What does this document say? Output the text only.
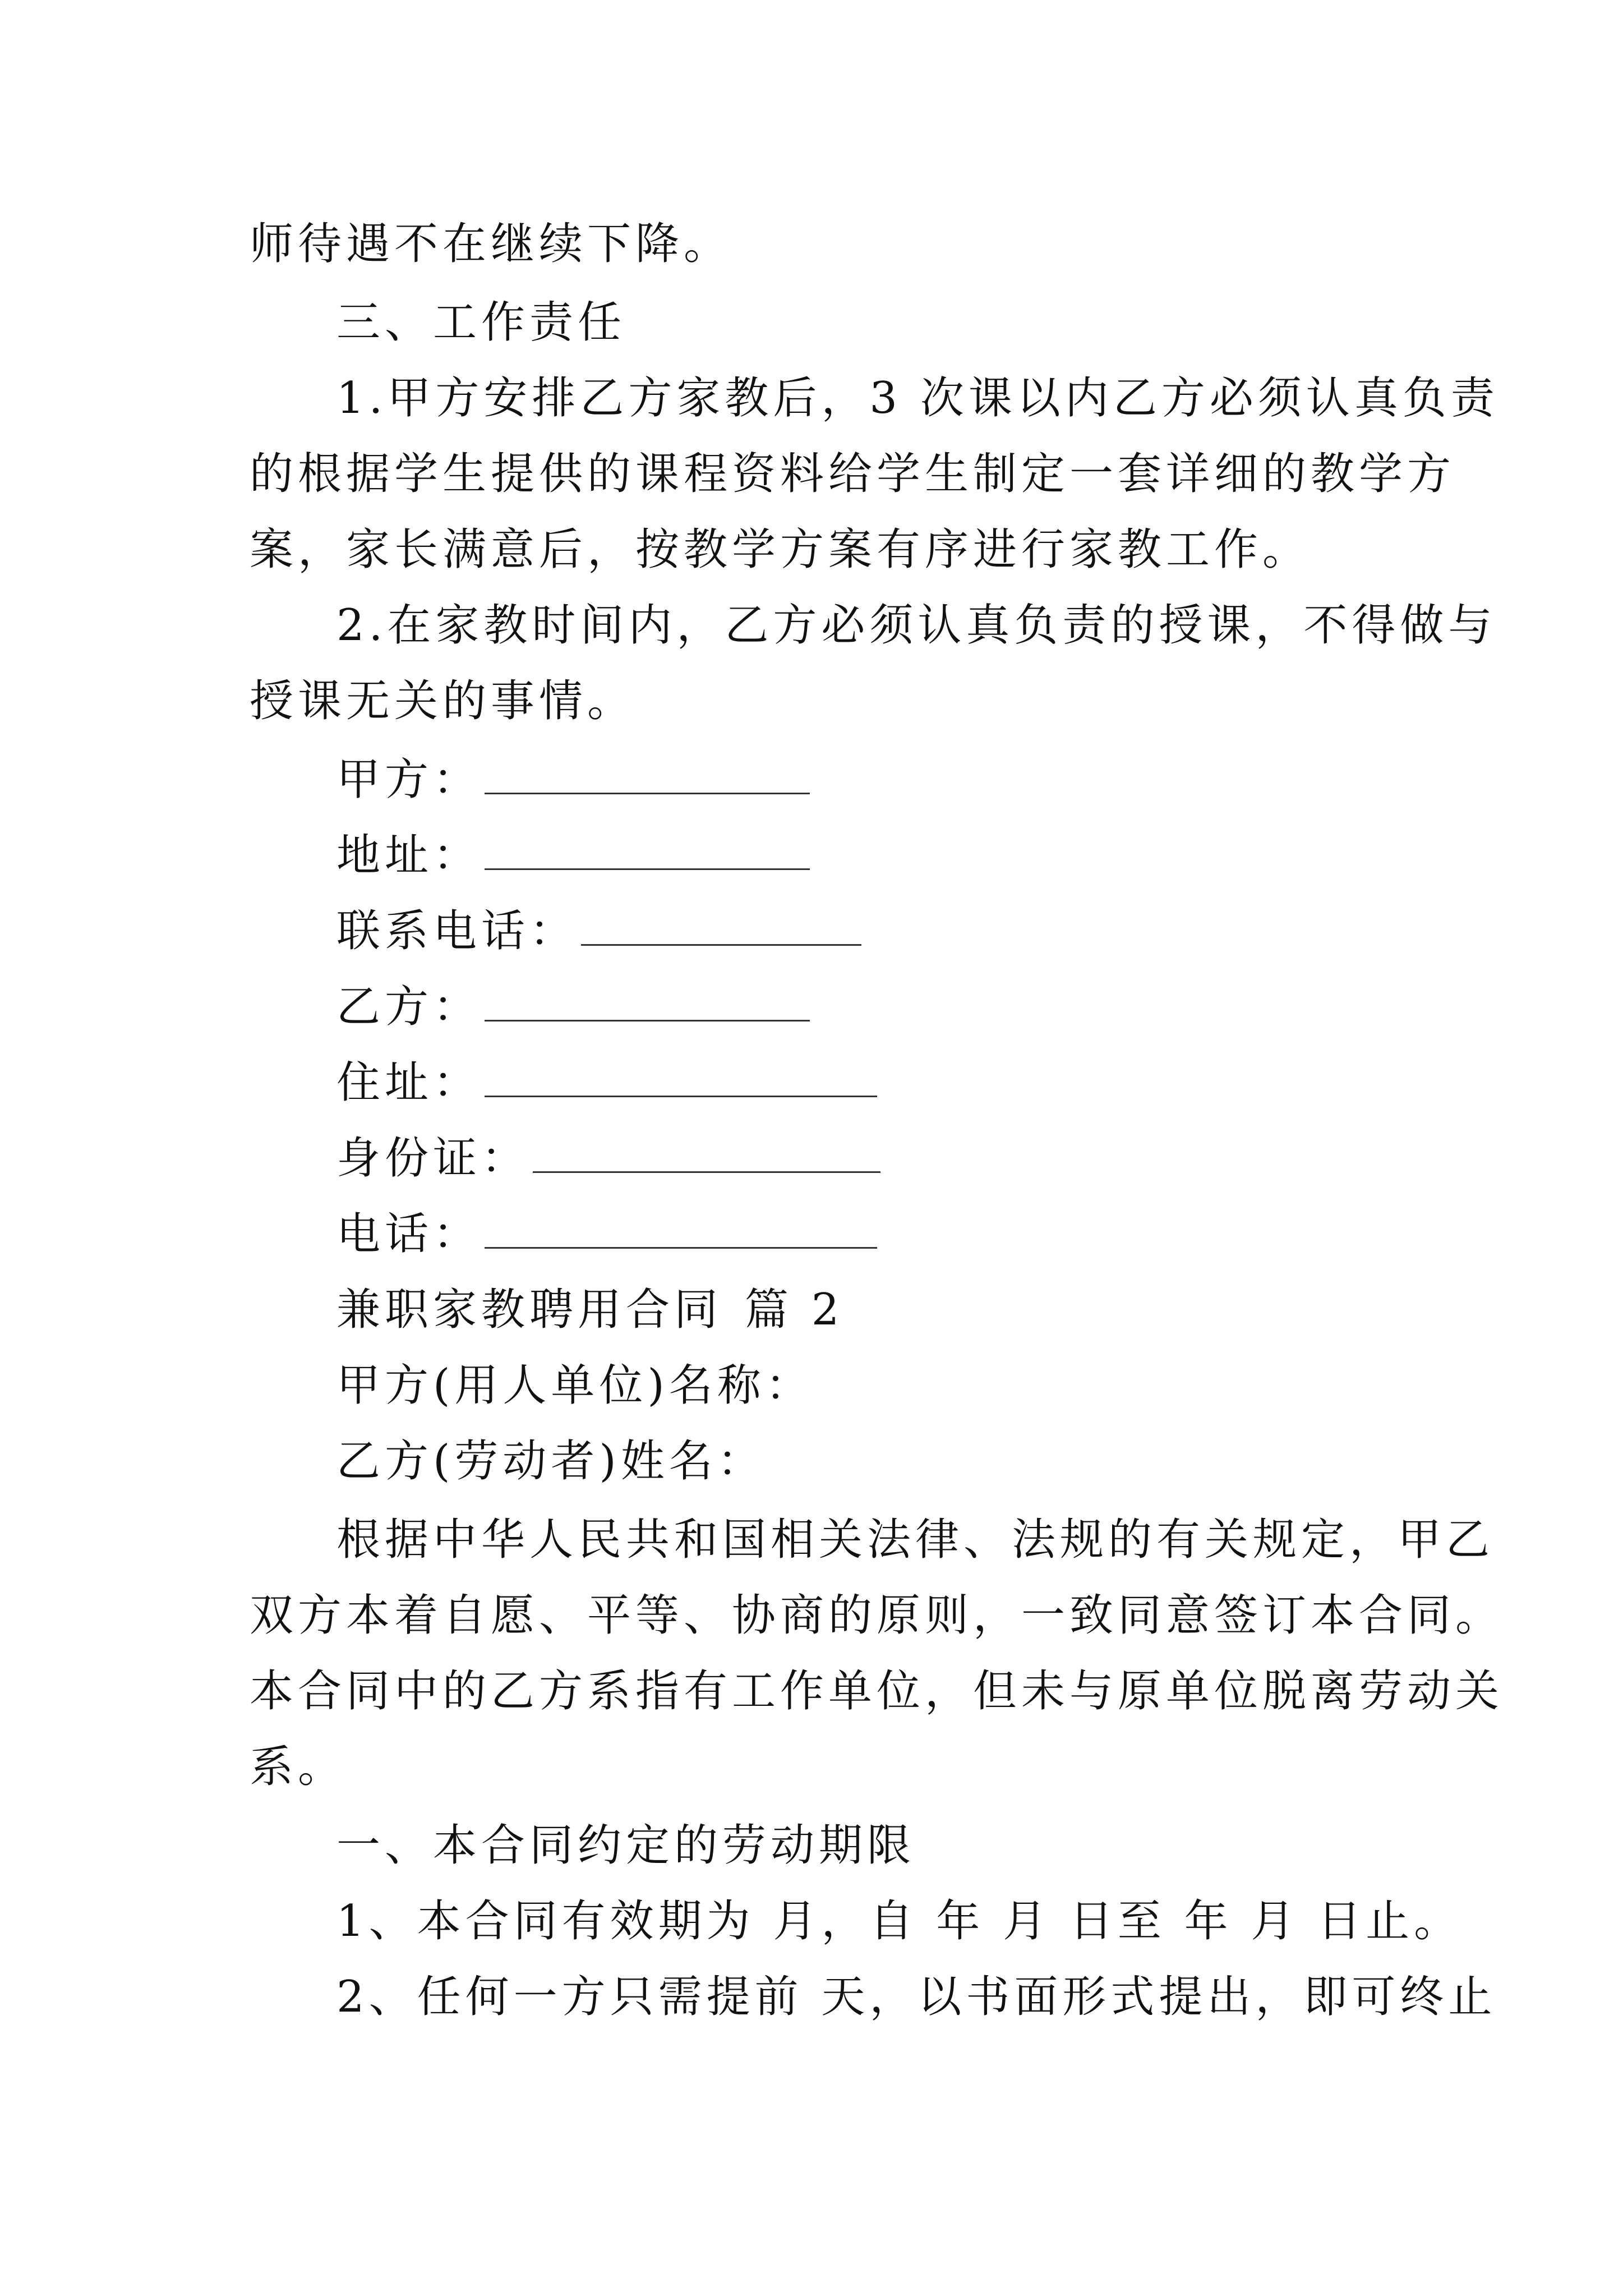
师待遇不在继续下降。
三、工作责任
1.甲方安排乙方家教后，3 次课以内乙方必须认真负责
的根据学生提供的课程资料给学生制定一套详细的教学方
案，家长满意后，按教学方案有序进行家教工作。
2.在家教时间内，乙方必须认真负责的授课，不得做与
授课无关的事情。
甲方：
地址：
联系电话：
乙方：
住址：
身份证：
电话：
兼职家教聘用合同 篇 2
甲方(用人单位)名称：
乙方(劳动者)姓名：
根据中华人民共和国相关法律、法规的有关规定，甲乙
双方本着自愿、平等、协商的原则，一致同意签订本合同。
本合同中的乙方系指有工作单位，但未与原单位脱离劳动关
系。
一、本合同约定的劳动期限
1、本合同有效期为 月，自 年 月 日至 年 月 日止。
2、任何一方只需提前 天，以书面形式提出，即可终止
